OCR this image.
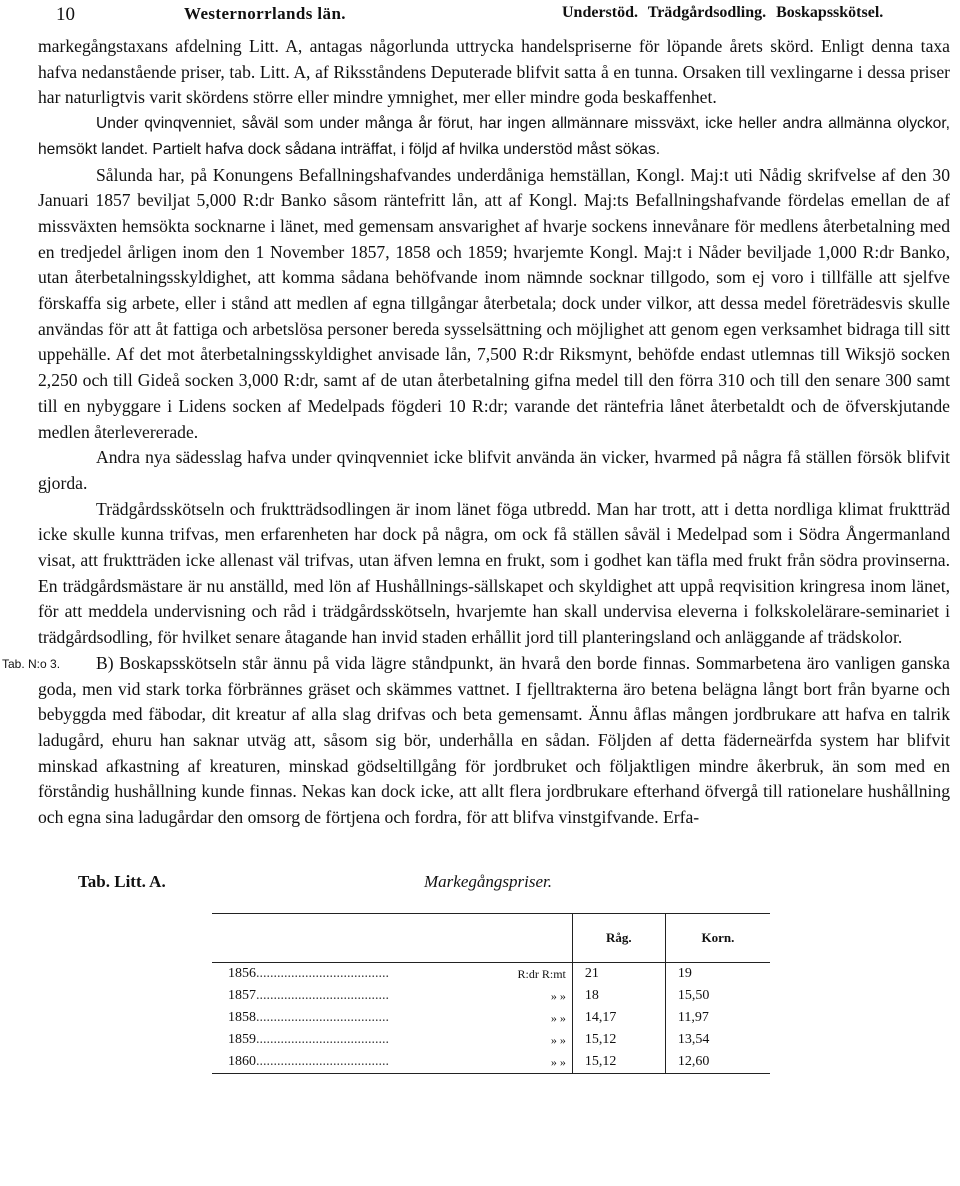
10	Westernorrlands län.	Understöd. Trädgårdsodling. Boskapsskötsel.

markegångstaxans afdelning Litt. A, antagas någorlunda uttrycka handelspriserne för löpande årets skörd. Enligt denna taxa hafva nedanstående priser, tab. Litt. A, af Riksståndens Deputerade blifvit satta å en tunna. Orsaken till vexlingarne i dessa priser har naturligtvis varit skördens större eller mindre ymnighet, mer eller mindre goda beskaffenhet.

Under qvinqvenniet, såväl som under många år förut, har ingen allmännare missväxt, icke heller andra allmänna olyckor, hemsökt landet. Partielt hafva dock sådana inträffat, i följd af hvilka understöd måst sökas.

Sålunda har, på Konungens Befallningshafvandes underdåniga hemställan, Kongl. Maj:t uti Nådig skrifvelse af den 30 Januari 1857 beviljat 5,000 R:dr Banko såsom räntefritt lån, att af Kongl. Maj:ts Befallningshafvande fördelas emellan de af missväxten hemsökta socknarne i länet, med gemensam ansvarighet af hvarje sockens innevånare för medlens återbetalning med en tredjedel årligen inom den 1 November 1857, 1858 och 1859; hvarjemte Kongl. Maj:t i Nåder beviljade 1,000 R:dr Banko, utan återbetalningsskyldighet, att komma sådana behöfvande inom nämnde socknar tillgodo, som ej voro i tillfälle att sjelfve förskaffa sig arbete, eller i stånd att medlen af egna tillgångar återbetala; dock under vilkor, att dessa medel företrädesvis skulle användas för att åt fattiga och arbetslösa personer bereda sysselsättning och möjlighet att genom egen verksamhet bidraga till sitt uppehälle. Af det mot återbetalningsskyldighet anvisade lån, 7,500 R:dr Riksmynt, behöfde endast utlemnas till Wiksjö socken 2,250 och till Gideå socken 3,000 R:dr, samt af de utan återbetalning gifna medel till den förra 310 och till den senare 300 samt till en nybyggare i Lidens socken af Medelpads fögderi 10 R:dr; varande det räntefria lånet återbetaldt och de öfverskjutande medlen återlevererade.

Andra nya sädesslag hafva under qvinqvenniet icke blifvit använda än vicker, hvarmed på några få ställen försök blifvit gjorda.

Trädgårdsskötseln och fruktträdsodlingen är inom länet föga utbredd. Man har trott, att i detta nordliga klimat fruktträd icke skulle kunna trifvas, men erfarenheten har dock på några, om ock få ställen såväl i Medelpad som i Södra Ångermanland visat, att fruktträden icke allenast väl trifvas, utan äfven lemna en frukt, som i godhet kan täfla med frukt från södra provinserna. En trädgårdsmästare är nu anställd, med lön af Hushållnings-sällskapet och skyldighet att uppå reqvisition kringresa inom länet, för att meddela undervisning och råd i trädgårdsskötseln, hvarjemte han skall undervisa eleverna i folkskolelärare-seminariet i trädgårdsodling, för hvilket senare åtagande han invid staden erhållit jord till planteringsland och anläggande af trädskolor.

Tab. N:o 3.	B) Boskapsskötseln står ännu på vida lägre ståndpunkt, än hvarå den borde finnas. Sommarbetena äro vanligen ganska goda, men vid stark torka förbrännes gräset och skämmes vattnet. I fjelltrakterna äro betena belägna långt bort från byarne och bebyggda med fäbodar, dit kreatur af alla slag drifvas och beta gemensamt. Ännu åflas mången jordbrukare att hafva en talrik ladugård, ehuru han saknar utväg att, såsom sig bör, underhålla en sådan. Följden af detta fäderneärfda system har blifvit minskad afkastning af kreaturen, minskad gödseltillgång för jordbruket och följaktligen mindre åkerbruk, än som med en förståndig hushållning kunde finnas. Nekas kan dock icke, att allt flera jordbrukare efterhand öfvergå till rationelare hushållning och egna sina ladugårdar den omsorg de förtjena och fordra, för att blifva vinstgifvande. Erfa-

Tab. Litt. A.	Markegångspriser.
		Råg.	Korn.
1856......................................	R:dr R:mt	21	19
1857......................................	» »	18	15,50
1858......................................	» »	14,17	11,97
1859......................................	» »	15,12	13,54
1860......................................	» »	15,12	12,60
